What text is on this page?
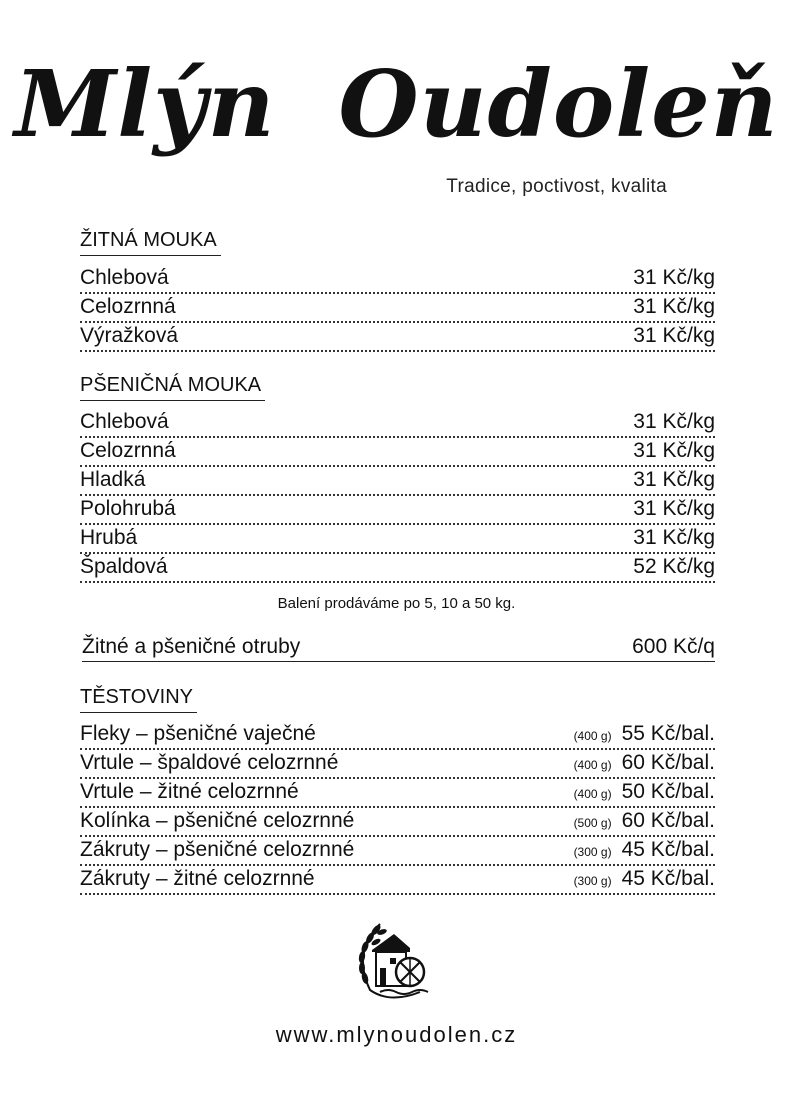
Mlýn Oudoleň
Tradice, poctivost, kvalita
ŽITNÁ MOUKA
Chlebová	31 Kč/kg
Celozrnná	31 Kč/kg
Výražková	31 Kč/kg
PŠENIČNÁ MOUKA
Chlebová	31 Kč/kg
Celozrnná	31 Kč/kg
Hladká	31 Kč/kg
Polohrubá	31 Kč/kg
Hrubá	31 Kč/kg
Špaldová	52 Kč/kg
Balení prodáváme po 5, 10 a 50 kg.
Žitné a pšeničné otruby	600 Kč/q
TĚSTOVINY
Fleky – pšeničné vaječné	(400 g) 55 Kč/bal.
Vrtule – špaldové celozrnné	(400 g) 60 Kč/bal.
Vrtule – žitné celozrnné	(400 g) 50 Kč/bal.
Kolínka – pšeničné celozrnné	(500 g) 60 Kč/bal.
Zákruty – pšeničné celozrnné	(300 g) 45 Kč/bal.
Zákruty – žitné celozrnné	(300 g) 45 Kč/bal.
www.mlynoudolen.cz
